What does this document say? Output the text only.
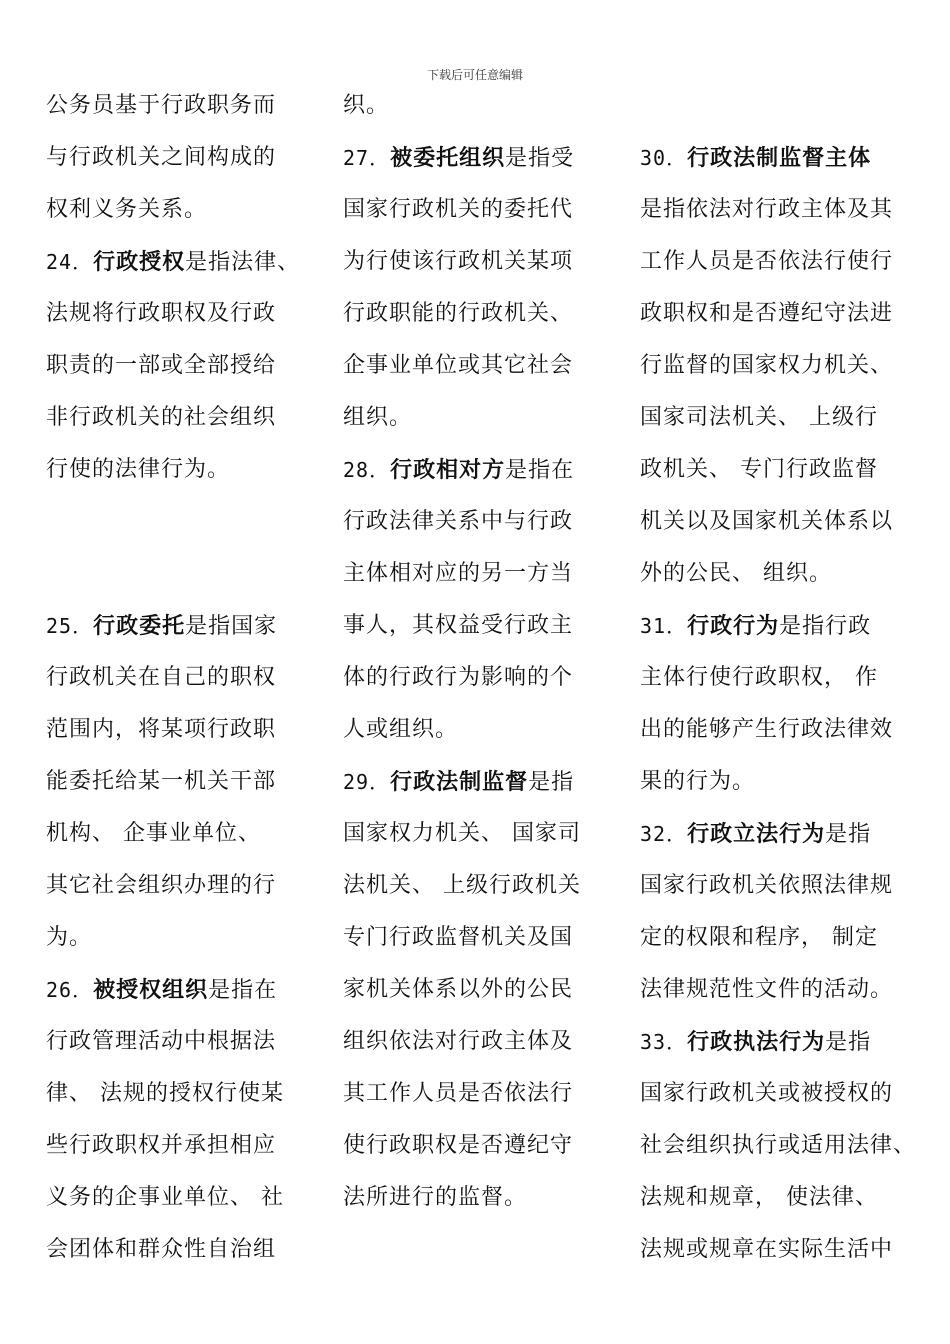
下载后可任意编辑
公务员基于行政职务而
与行政机关之间构成的
权利义务关系。
24．行政授权是指法律、
法规将行政职权及行政
职责的一部或全部授给
非行政机关的社会组织
行使的法律行为。
25．行政委托是指国家
行政机关在自己的职权
范围内，将某项行政职
能委托给某一机关干部
机构、 企事业单位、
其它社会组织办理的行
为。
26．被授权组织是指在
行政管理活动中根据法
律、 法规的授权行使某
些行政职权并承担相应
义务的企事业单位、 社
会团体和群众性自治组
织。
27．被委托组织是指受
国家行政机关的委托代
为行使该行政机关某项
行政职能的行政机关、
企事业单位或其它社会
组织。
28．行政相对方是指在
行政法律关系中与行政
主体相对应的另一方当
事人，其权益受行政主
体的行政行为影响的个
人或组织。
29．行政法制监督是指
国家权力机关、 国家司
法机关、 上级行政机关
专门行政监督机关及国
家机关体系以外的公民
组织依法对行政主体及
其工作人员是否依法行
使行政职权是否遵纪守
法所进行的监督。
30．行政法制监督主体
是指依法对行政主体及其
工作人员是否依法行使行
政职权和是否遵纪守法进
行监督的国家权力机关、
国家司法机关、 上级行
政机关、 专门行政监督
机关以及国家机关体系以
外的公民、 组织。
31．行政行为是指行政
主体行使行政职权， 作
出的能够产生行政法律效
果的行为。
32．行政立法行为是指
国家行政机关依照法律规
定的权限和程序， 制定
法律规范性文件的活动。
33．行政执法行为是指
国家行政机关或被授权的
社会组织执行或适用法律、
法规和规章， 使法律、
法规或规章在实际生活中
